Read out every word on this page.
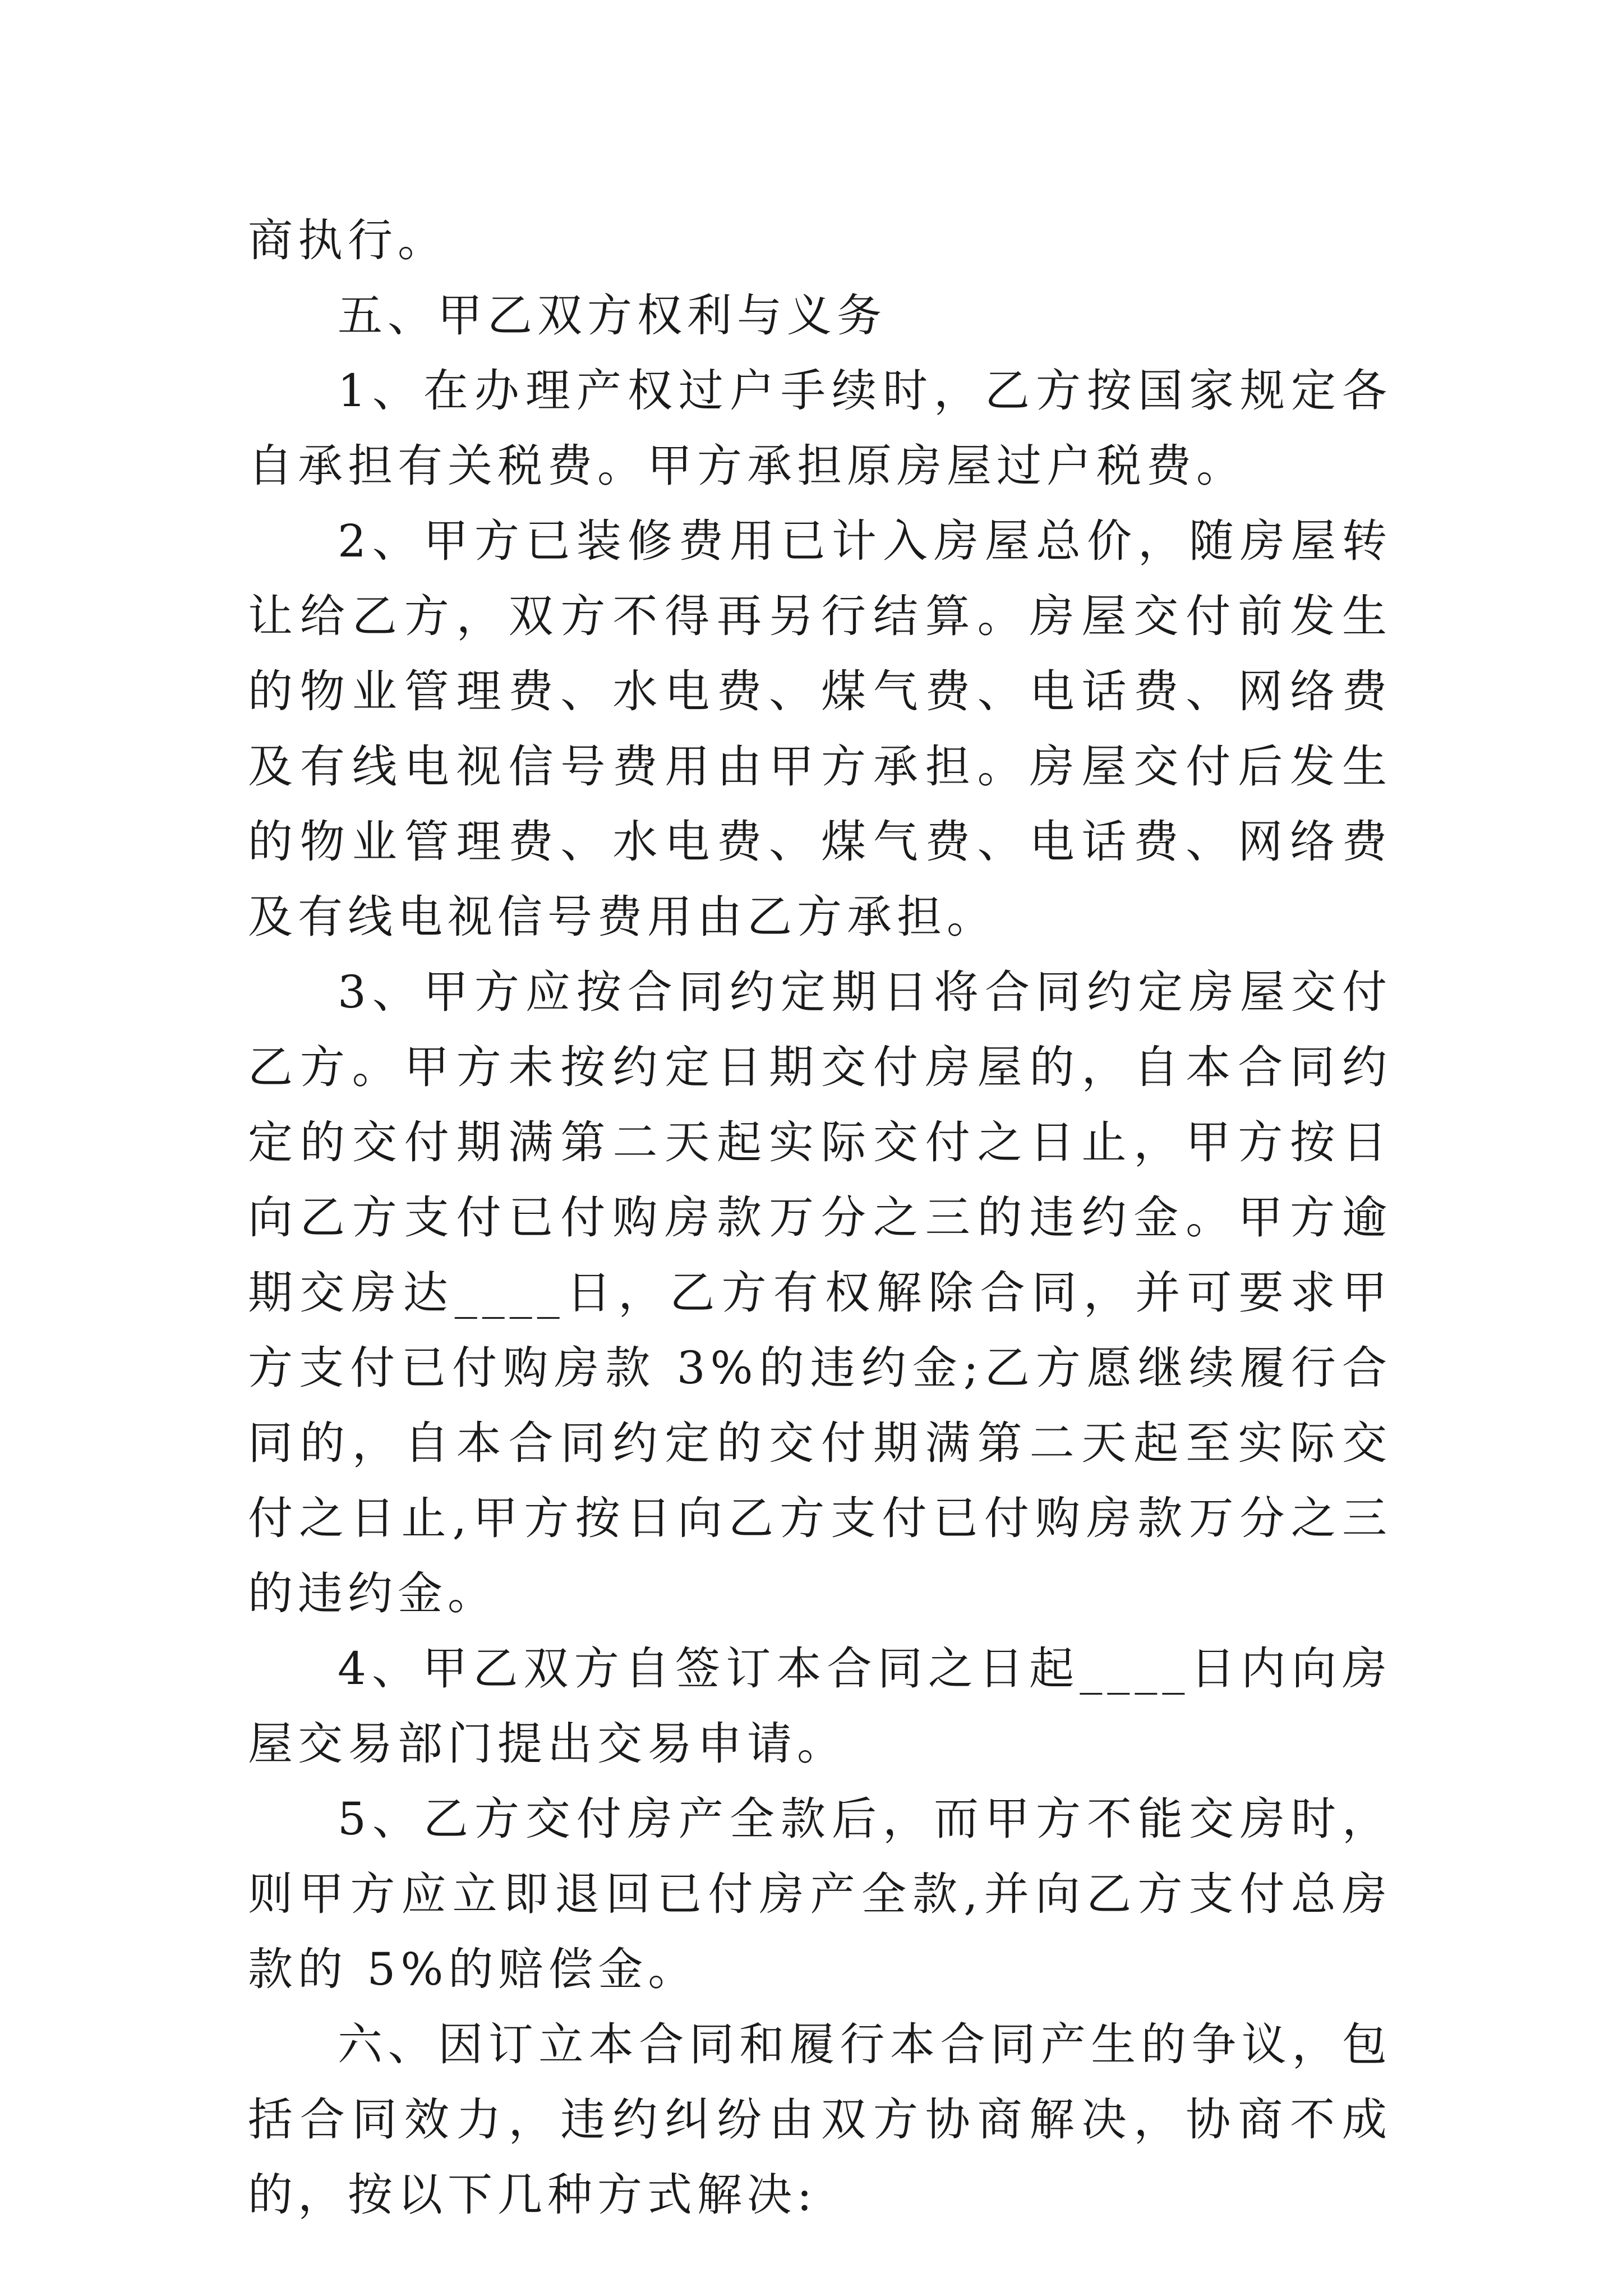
商执行。

五、甲乙双方权利与义务

1、在办理产权过户手续时，乙方按国家规定各自承担有关税费。甲方承担原房屋过户税费。

2、甲方已装修费用已计入房屋总价，随房屋转让给乙方，双方不得再另行结算。房屋交付前发生的物业管理费、水电费、煤气费、电话费、网络费及有线电视信号费用由甲方承担。房屋交付后发生的物业管理费、水电费、煤气费、电话费、网络费及有线电视信号费用由乙方承担。

3、甲方应按合同约定期日将合同约定房屋交付乙方。甲方未按约定日期交付房屋的，自本合同约定的交付期满第二天起实际交付之日止，甲方按日向乙方支付已付购房款万分之三的违约金。甲方逾期交房达____日，乙方有权解除合同，并可要求甲方支付已付购房款 3%的违约金;乙方愿继续履行合同的，自本合同约定的交付期满第二天起至实际交付之日止,甲方按日向乙方支付已付购房款万分之三的违约金。

4、甲乙双方自签订本合同之日起____日内向房屋交易部门提出交易申请。

5、乙方交付房产全款后，而甲方不能交房时，则甲方应立即退回已付房产全款,并向乙方支付总房款的 5%的赔偿金。

六、因订立本合同和履行本合同产生的争议，包括合同效力，违约纠纷由双方协商解决，协商不成的，按以下几种方式解决:
